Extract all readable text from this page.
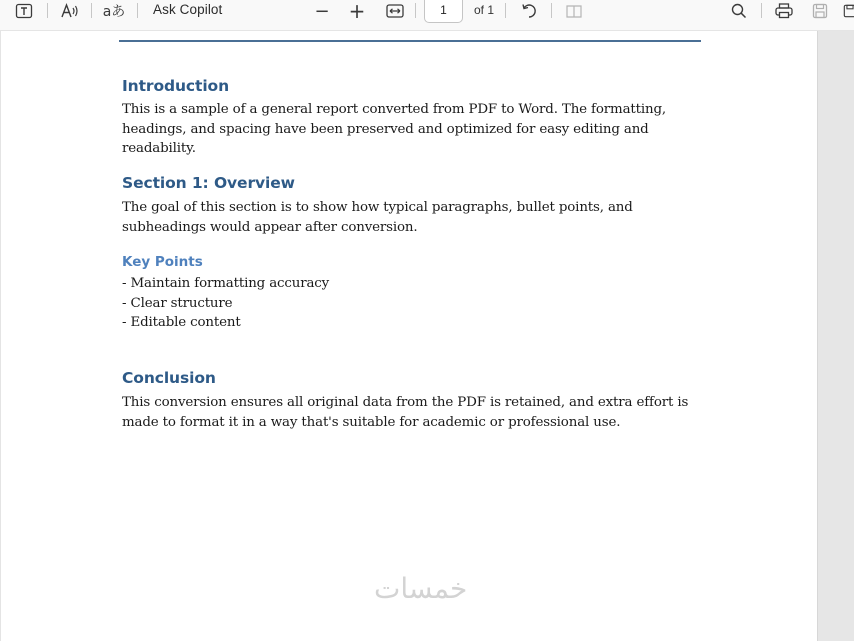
aあ Ask Copilot	− +	1	of 1
Introduction

This is a sample of a general report converted from PDF to Word. The formatting, headings, and spacing have been preserved and optimized for easy editing and readability.

Section 1: Overview

The goal of this section is to show how typical paragraphs, bullet points, and subheadings would appear after conversion.

Key Points
- Maintain formatting accuracy
- Clear structure
- Editable content
Conclusion

This conversion ensures all original data from the PDF is retained, and extra effort is made to format it in a way that's suitable for academic or professional use.

خمسات
